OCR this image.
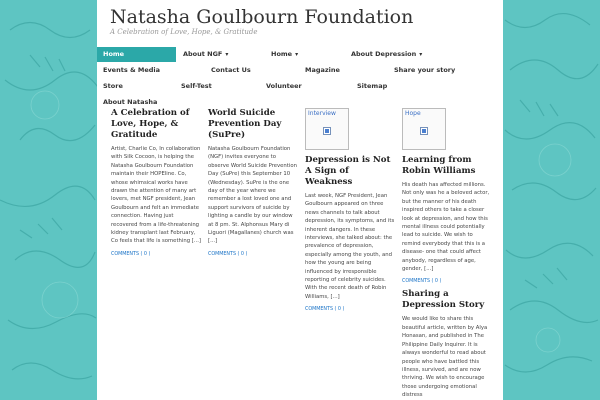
Natasha Goulbourn Foundation
A Celebration of Love, Hope, & Gratitude
Home	About NGF ▾	Home ▾	About Depression ▾
Events & Media	Contact Us	Magazine	Share your story
Store	Self-Test	Volunteer	Sitemap
About Natasha
A Celebration of Love, Hope, & Gratitude
Artist, Charlie Co, In collaboration with Silk Cocoon, is helping the Natasha Goulbourn Foundation maintain their HOPEline. Co, whose whimsical works have drawn the attention of many art lovers, met NGF president, Jean Goulbourn and felt an immediate connection. Having just recovered from a life-threatening kidney transplant last February, Co feels that life is something [...]
COMMENTS ( 0 )
World Suicide Prevention Day (SuPre)
Natasha Goulbourn Foundation (NGF) invites everyone to observe World Suicide Prevention Day (SuPre) this September 10 (Wednesday). SuPre is the one day of the year where we remember a lost loved one and support survivors of suicide by lighting a candle by our window at 8 pm. St. Alphonsus Mary di Liguori (Magallanes) church was [...]
COMMENTS ( 0 )
Interview
Depression is Not A Sign of Weakness
Last week, NGF President, Jean Goulbourn appeared on three news channels to talk about depression, its symptoms, and its inherent dangers. In these interviews, she talked about: the prevalence of depression, especially among the youth, and how the young are being influenced by irresponsible reporting of celebrity suicides. With the recent death of Robin Williams, [...]
COMMENTS ( 0 )
Hope
Learning from Robin Williams
His death has affected millions. Not only was he a beloved actor, but the manner of his death inspired others to take a closer look at depression, and how this mental illness could potentially lead to suicide. We wish to remind everybody that this is a disease- one that could affect anybody, regardless of age, gender, [...]
COMMENTS ( 0 )
Sharing a Depression Story
We would like to share this beautiful article, written by Alya Honasan, and published in The Philippine Daily Inquirer. It is always wonderful to read about people who have battled this illness, survived, and are now thriving. We wish to encourage those undergoing emotional distress
